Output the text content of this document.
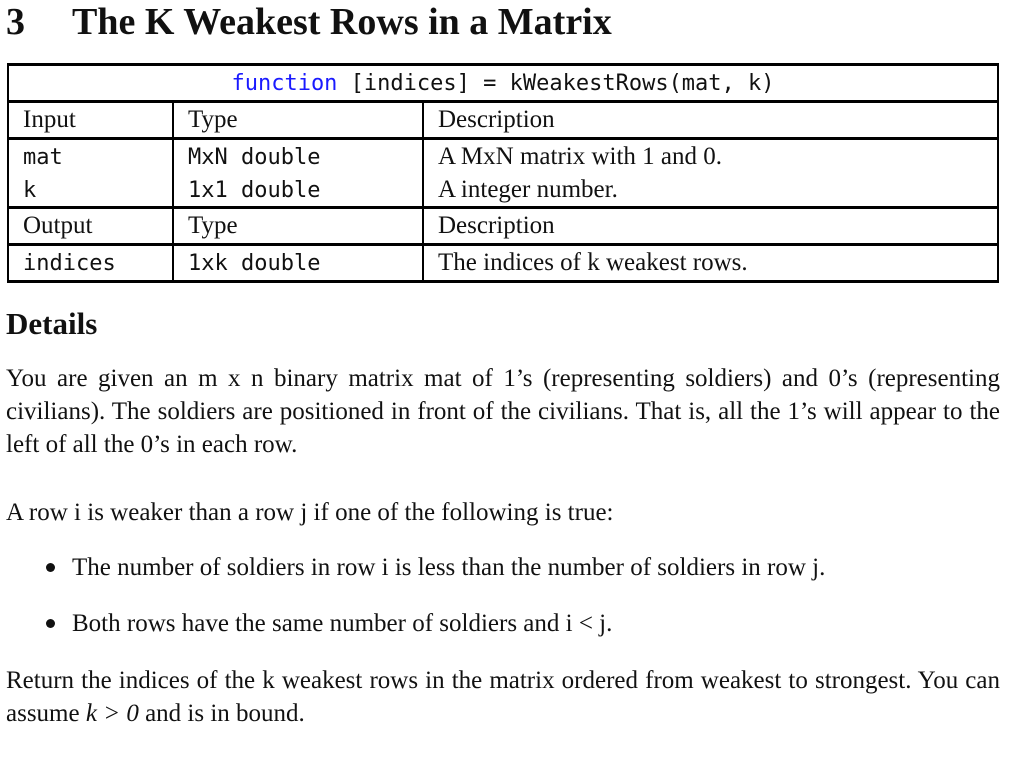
3 The K Weakest Rows in a Matrix
function [indices] = kWeakestRows(mat, k)		
Input	Type	Description
mat	MxN double	A MxN matrix with 1 and 0.
k	1x1 double	A integer number.
Output	Type	Description
indices	1xk double	The indices of k weakest rows.
Details
You are given an m x n binary matrix mat of 1’s (representing soldiers) and 0’s (representing civilians). The soldiers are positioned in front of the civilians. That is, all the 1’s will appear to the left of all the 0’s in each row.
A row i is weaker than a row j if one of the following is true:
The number of soldiers in row i is less than the number of soldiers in row j.
Both rows have the same number of soldiers and i < j.
Return the indices of the k weakest rows in the matrix ordered from weakest to strongest. You can assume k > 0 and is in bound.
